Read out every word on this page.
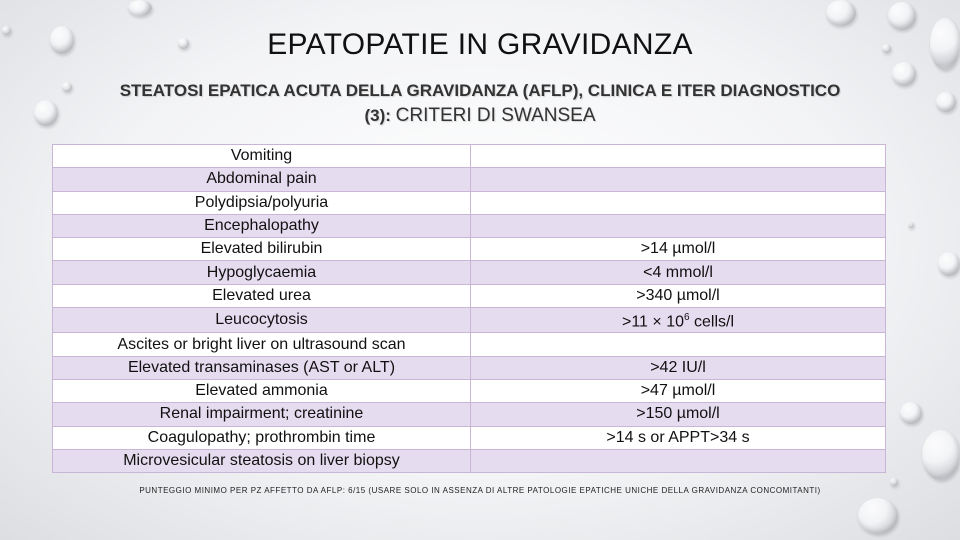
EPATOPATIE IN GRAVIDANZA
STEATOSI EPATICA ACUTA DELLA GRAVIDANZA (AFLP), CLINICA E ITER DIAGNOSTICO (3): CRITERI DI SWANSEA
Vomiting	
Abdominal pain	
Polydipsia/polyuria	
Encephalopathy	
Elevated bilirubin	>14 µmol/l
Hypoglycaemia	<4 mmol/l
Elevated urea	>340 µmol/l
Leucocytosis	$>11 \times 10^6$ cells/l
Ascites or bright liver on ultrasound scan	
Elevated transaminases (AST or ALT)	>42 IU/l
Elevated ammonia	>47 µmol/l
Renal impairment; creatinine	>150 µmol/l
Coagulopathy; prothrombin time	>14 s or APPT>34 s
Microvesicular steatosis on liver biopsy	
PUNTEGGIO MINIMO PER PZ AFFETTO DA AFLP: 6/15 (USARE SOLO IN ASSENZA DI ALTRE PATOLOGIE EPATICHE UNICHE DELLA GRAVIDANZA CONCOMITANTI)
